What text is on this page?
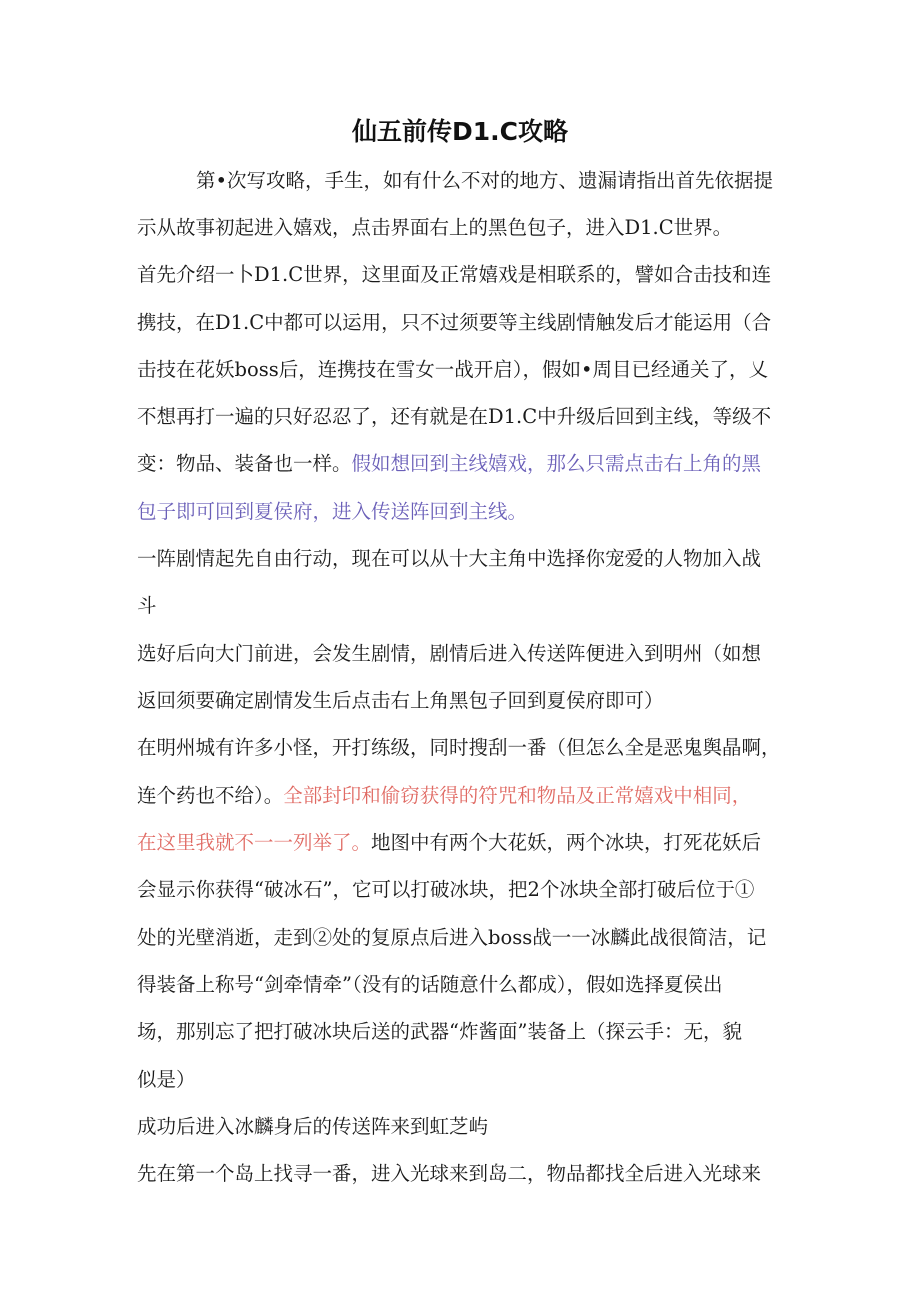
仙五前传D1.C攻略
第•次写攻略，手生，如有什么不对的地方、遗漏请指出首先依据提
示从故事初起进入嬉戏，点击界面右上的黑色包子，进入D1.C世界。
首先介绍一卜D1.C世界，这里面及正常嬉戏是相联系的，譬如合击技和连
携技，在D1.C中都可以运用，只不过须要等主线剧情触发后才能运用（合
击技在花妖boss后，连携技在雪女一战开启），假如•周目已经通关了，乂
不想再打一遍的只好忍忍了，还有就是在D1.C中升级后回到主线，等级不
变：物品、装备也一样。假如想回到主线嬉戏，那么只需点击右上角的黑
包子即可回到夏侯府，进入传送阵回到主线。
一阵剧情起先自由行动，现在可以从十大主角中选择你宠爱的人物加入战
斗
选好后向大门前进，会发生剧情，剧情后进入传送阵便进入到明州（如想
返回须要确定剧情发生后点击右上角黑包子回到夏侯府即可）
在明州城有许多小怪，开打练级，同时搜刮一番（但怎么全是恶鬼舆晶啊，
连个药也不给）。全部封印和偷窃获得的符咒和物品及正常嬉戏中相同，
在这里我就不一一列举了。地图中有两个大花妖，两个冰块，打死花妖后
会显示你获得“破冰石”，它可以打破冰块，把2个冰块全部打破后位于①
处的光壁消逝，走到②处的复原点后进入boss战一一冰麟此战很简洁，记
得装备上称号“剑牵情牵”（没有的话随意什么都成），假如选择夏侯出
场，那别忘了把打破冰块后送的武器“炸酱面”装备上（探云手：无，貌
似是）
成功后进入冰麟身后的传送阵来到虹芝屿
先在第一个岛上找寻一番，进入光球来到岛二，物品都找全后进入光球来
